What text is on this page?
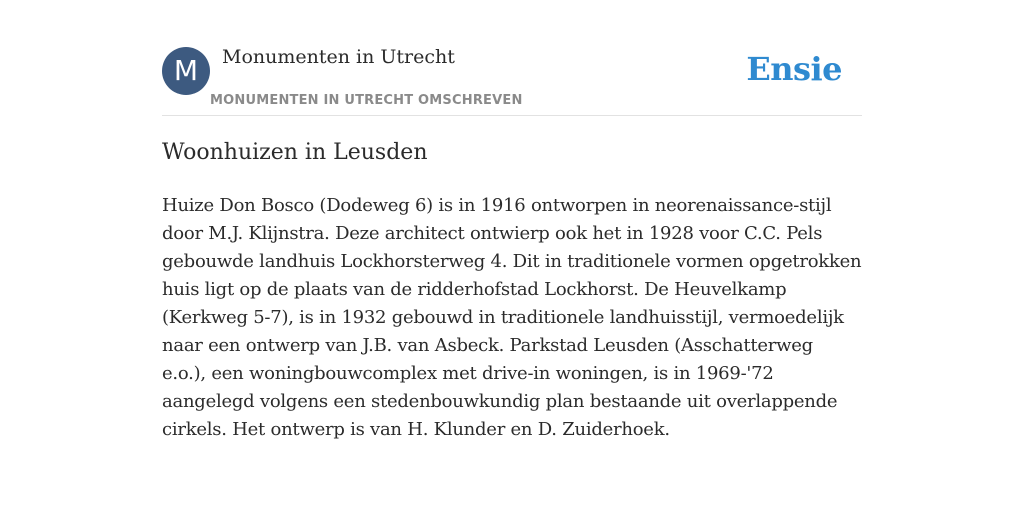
M	Monumenten in Utrecht
MONUMENTEN IN UTRECHT OMSCHREVEN
Ensie
Woonhuizen in Leusden

Huize Don Bosco (Dodeweg 6) is in 1916 ontworpen in neorenaissance-stijl door M.J. Klijnstra. Deze architect ontwierp ook het in 1928 voor C.C. Pels gebouwde landhuis Lockhorsterweg 4. Dit in traditionele vormen opgetrokken huis ligt op de plaats van de ridderhofstad Lockhorst. De Heuvelkamp (Kerkweg 5-7), is in 1932 gebouwd in traditionele landhuisstijl, vermoedelijk naar een ontwerp van J.B. van Asbeck. Parkstad Leusden (Asschatterweg e.o.), een woningbouwcomplex met drive-in woningen, is in 1969-'72 aangelegd volgens een stedenbouwkundig plan bestaande uit overlappende cirkels. Het ontwerp is van H. Klunder en D. Zuiderhoek.
